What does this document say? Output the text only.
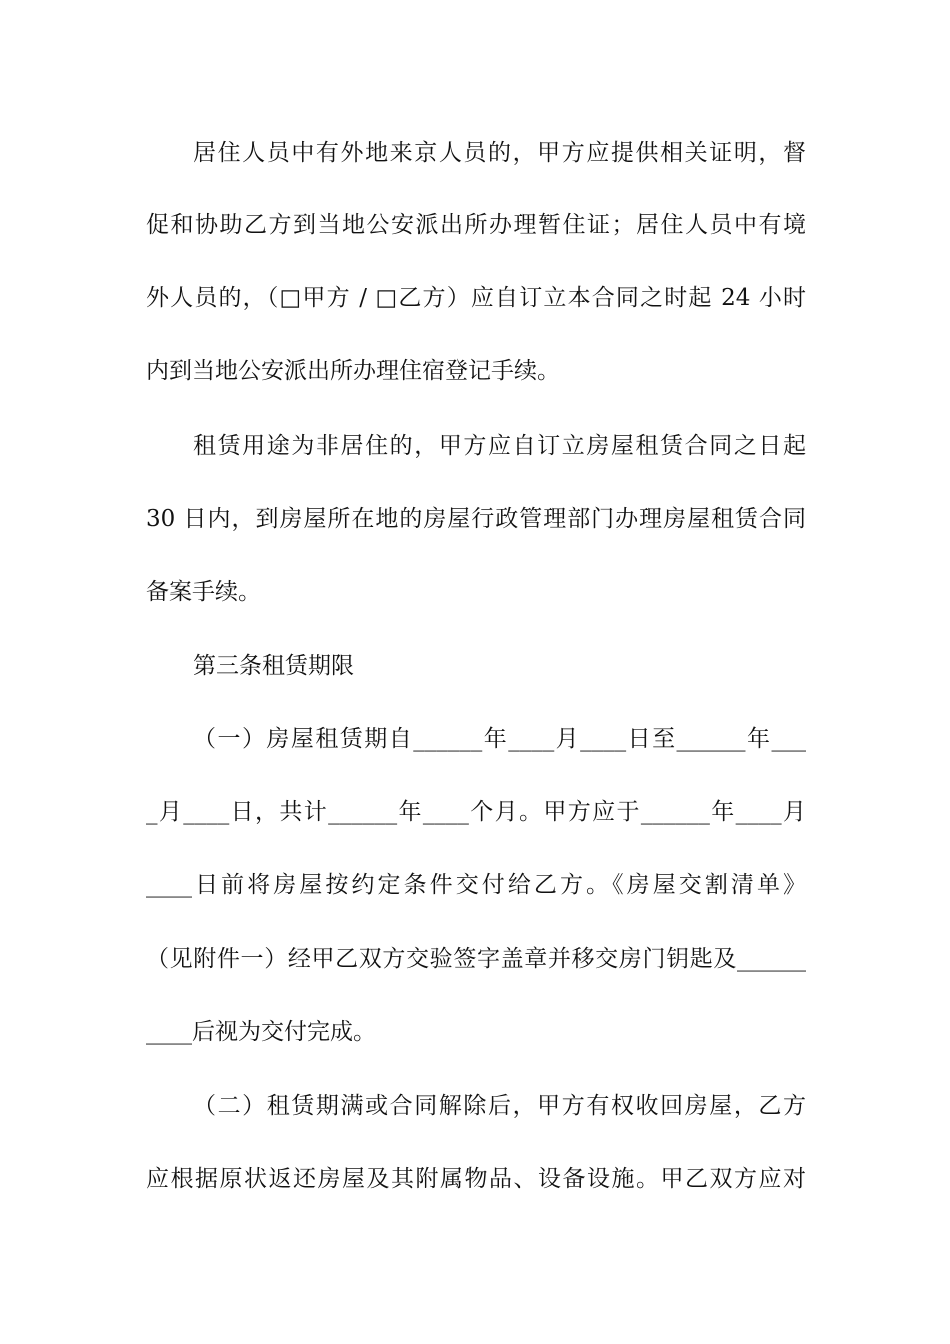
居住人员中有外地来京人员的，甲方应提供相关证明，督
促和协助乙方到当地公安派出所办理暂住证；居住人员中有境
外人员的，（□甲方 / □乙方）应自订立本合同之时起 24 小时
内到当地公安派出所办理住宿登记手续。
租赁用途为非居住的，甲方应自订立房屋租赁合同之日起
30 日内，到房屋所在地的房屋行政管理部门办理房屋租赁合同
备案手续。
第三条租赁期限
（一）房屋租赁期自______年____月____日至______年___
_月____日，共计______年____个月。甲方应于______年____月
____日前将房屋按约定条件交付给乙方。《房屋交割清单》
（见附件一）经甲乙双方交验签字盖章并移交房门钥匙及______
____后视为交付完成。
（二）租赁期满或合同解除后，甲方有权收回房屋，乙方
应根据原状返还房屋及其附属物品、设备设施。甲乙双方应对
